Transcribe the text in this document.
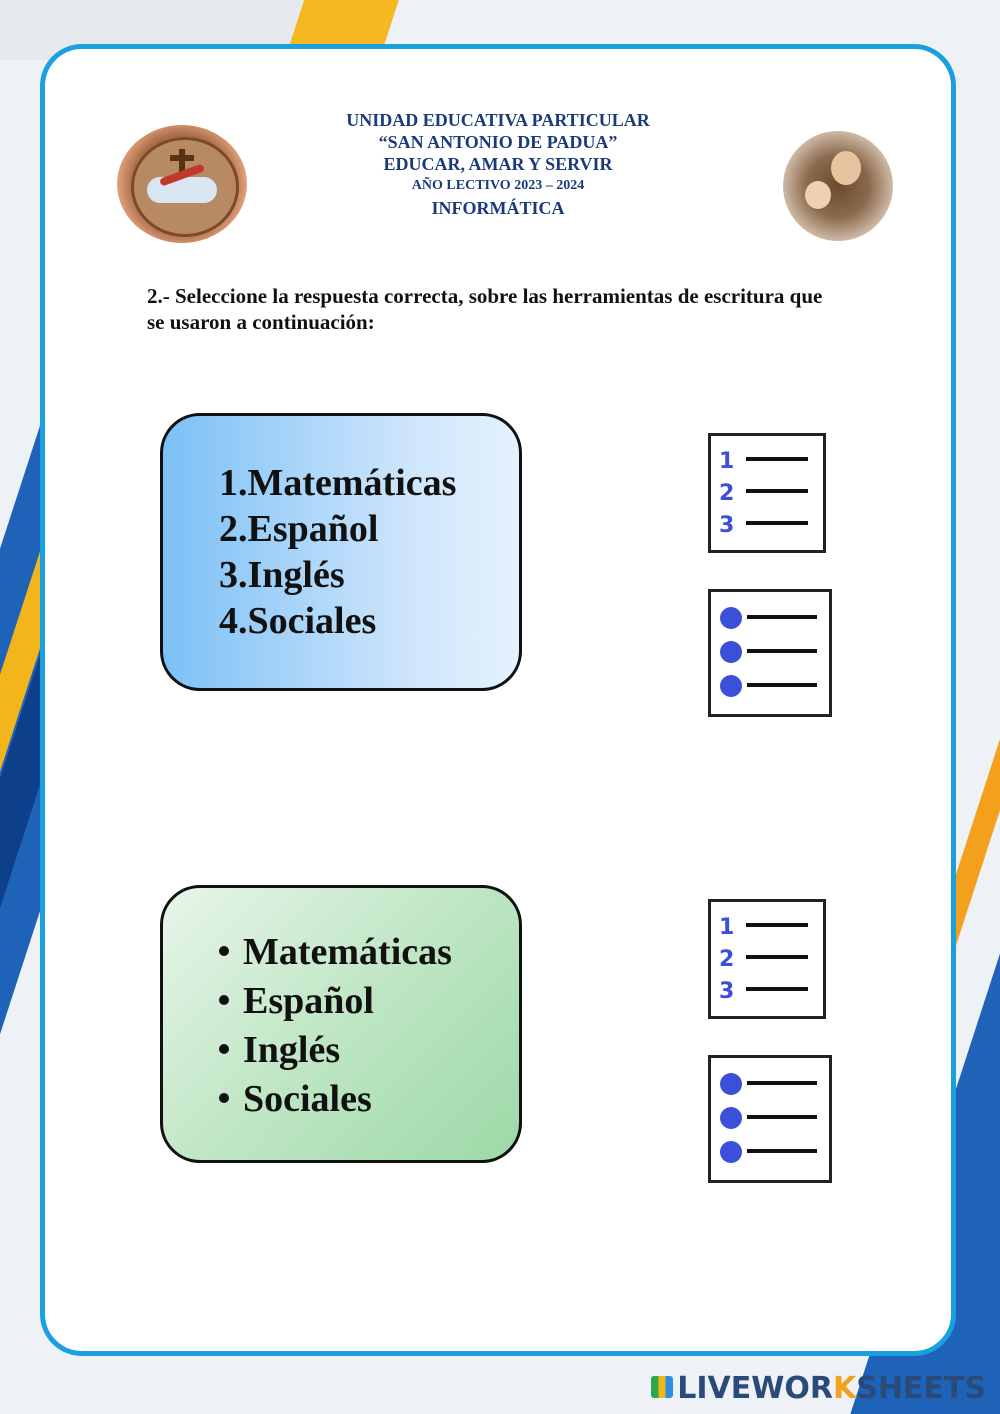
UNIDAD EDUCATIVA PARTICULAR
“SAN ANTONIO DE PADUA”
EDUCAR, AMAR Y SERVIR
AÑO LECTIVO 2023 – 2024
INFORMÁTICA
2.- Seleccione la respuesta correcta, sobre las herramientas de escritura que se usaron a continuación:
1.Matemáticas
2.Español
3.Inglés
4.Sociales
Matemáticas
Español
Inglés
Sociales
1
2
3
1
2
3
LIVEWORKSHEETS
